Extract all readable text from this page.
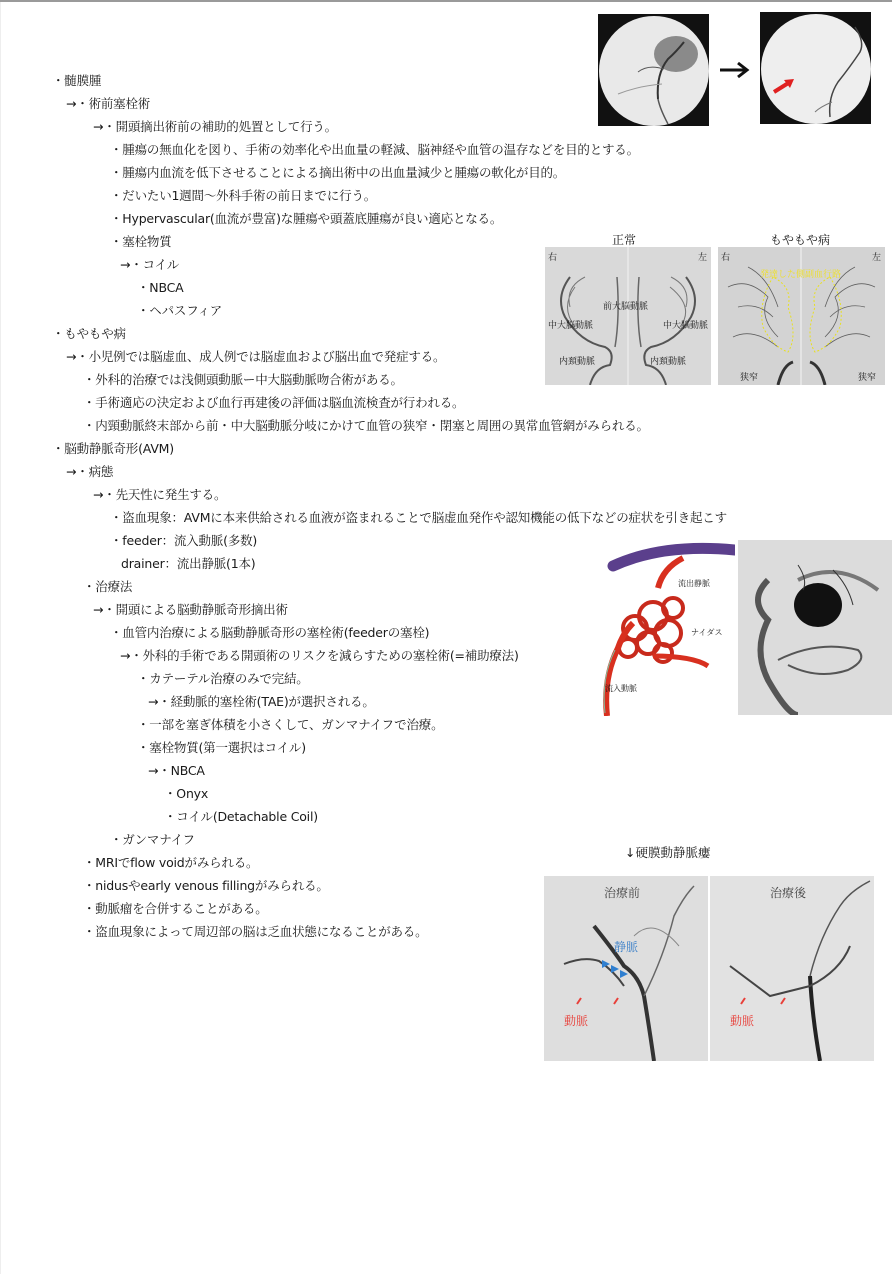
・髄膜腫
→・術前塞栓術
→・開頭摘出術前の補助的処置として行う。
・腫瘍の無血化を図り、手術の効率化や出血量の軽減、脳神経や血管の温存などを目的とする。
・腫瘍内血流を低下させることによる摘出術中の出血量減少と腫瘍の軟化が目的。
・だいたい1週間〜外科手術の前日までに行う。
・Hypervascular(血流が豊富)な腫瘍や頭蓋底腫瘍が良い適応となる。
・塞栓物質
→・コイル
・NBCA
・ヘパスフィア
・もやもや病
→・小児例では脳虚血、成人例では脳虚血および脳出血で発症する。
・外科的治療では浅側頭動脈ー中大脳動脈吻合術がある。
・手術適応の決定および血行再建後の評価は脳血流検査が行われる。
・内頸動脈終末部から前・中大脳動脈分岐にかけて血管の狭窄・閉塞と周囲の異常血管網がみられる。
・脳動静脈奇形(AVM)
→・病態
→・先天性に発生する。
・盗血現象：AVMに本来供給される血液が盗まれることで脳虚血発作や認知機能の低下などの症状を引き起こす
・feeder：流入動脈(多数)
drainer：流出静脈(1本)
・治療法
→・開頭による脳動静脈奇形摘出術
・血管内治療による脳動静脈奇形の塞栓術(feederの塞栓)
→・外科的手術である開頭術のリスクを減らすための塞栓術(=補助療法)
・カテーテル治療のみで完結。
→・経動脈的塞栓術(TAE)が選択される。
・一部を塞ぎ体積を小さくして、ガンマナイフで治療。
・塞栓物質(第一選択はコイル)
→・NBCA
・Onyx
・コイル(Detachable Coil)
・ガンマナイフ
・MRIでflow voidがみられる。
・nidusやearly venous fillingがみられる。
・動脈瘤を合併することがある。
・盗血現象によって周辺部の脳は乏血状態になることがある。
正常	もやもや病
右	左
前大脳動脈
中大脳動脈	中大脳動脈
内頚動脈	内頚動脈
右	左
発達した側副血行路
狭窄	狭窄
流出静脈
ナイダス
流入動脈
↓硬膜動静脈瘻
治療前
静脈
動脈
治療後
動脈
